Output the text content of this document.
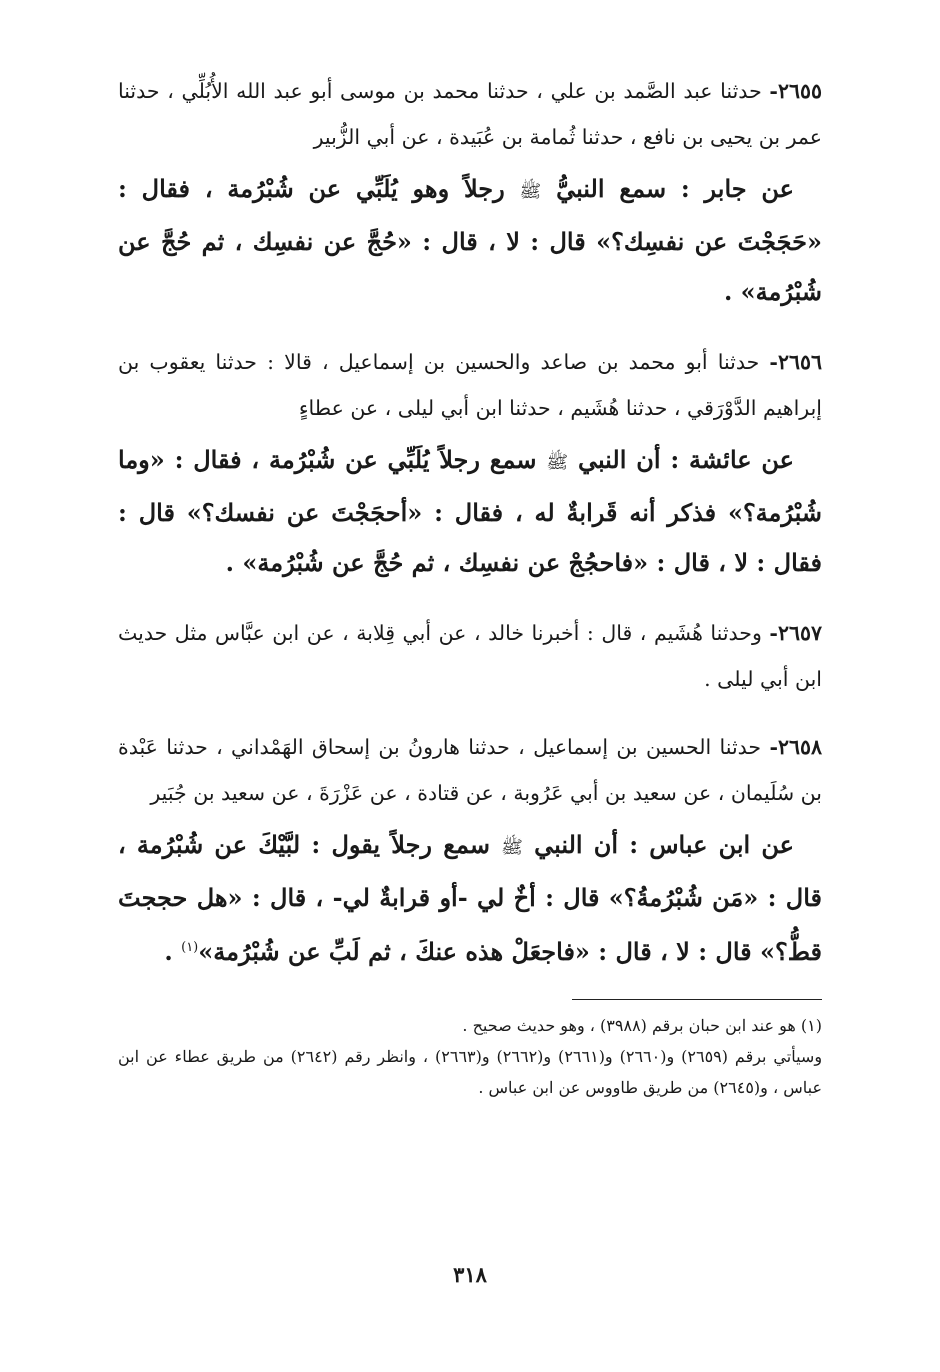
٢٦٥٥- حدثنا عبد الصَّمد بن علي ، حدثنا محمد بن موسى أبو عبد الله الأُبُلِّي ، حدثنا عمر بن يحيى بن نافع ، حدثنا ثُمامة بن عُبَيدة ، عن أبي الزُّبير

عن جابر : سمع النبيُّ ﷺ رجلاً وهو يُلَبِّي عن شُبْرُمة ، فقال : «حَجَجْتَ عن نفسِك؟» قال : لا ، قال : «حُجَّ عن نفسِك ، ثم حُجَّ عن شُبْرُمة» .

٢٦٥٦- حدثنا أبو محمد بن صاعد والحسين بن إسماعيل ، قالا : حدثنا يعقوب بن إبراهيم الدَّوْرَقي ، حدثنا هُشَيم ، حدثنا ابن أبي ليلى ، عن عطاءٍ

عن عائشة : أن النبي ﷺ سمع رجلاً يُلَبِّي عن شُبْرُمة ، فقال : «وما شُبْرُمة؟» فذكر أنه قَرابةٌ له ، فقال : «أحجَجْتَ عن نفسك؟» قال : فقال : لا ، قال : «فاحجُجْ عن نفسِك ، ثم حُجَّ عن شُبْرُمة» .

٢٦٥٧- وحدثنا هُشَيم ، قال : أخبرنا خالد ، عن أبي قِلابة ، عن ابن عبَّاس مثل حديث ابن أبي ليلى .

٢٦٥٨- حدثنا الحسين بن إسماعيل ، حدثنا هارونُ بن إسحاق الهَمْداني ، حدثنا عَبْدة بن سُلَيمان ، عن سعيد بن أبي عَرُوبة ، عن قتادة ، عن عَزْرَةَ ، عن سعيد بن جُبَير

عن ابن عباس : أن النبي ﷺ سمع رجلاً يقول : لبَّيْكَ عن شُبْرُمة ، قال : «مَن شُبْرُمةُ؟» قال : أخٌ لي -أو قرابةٌ لي- ، قال : «هل حججتَ قطُّ؟» قال : لا ، قال : «فاجعَلْ هذه عنكَ ، ثم لَبِّ عن شُبْرُمة»$^{(١)}$ .

(١) هو عند ابن حبان برقم (٣٩٨٨) ، وهو حديث صحيح .

وسيأتي برقم (٢٦٥٩) و(٢٦٦٠) و(٢٦٦١) و(٢٦٦٢) و(٢٦٦٣) ، وانظر رقم (٢٦٤٢) من طريق عطاء عن ابن عباس ، و(٢٦٤٥) من طريق طاووس عن ابن عباس .

٣١٨
